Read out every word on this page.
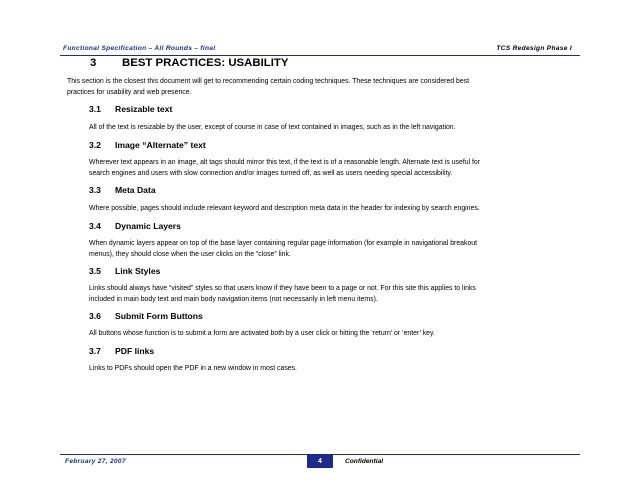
Functional Specification – All Rounds – final	TCS Redesign Phase I
3 BEST PRACTICES: USABILITY
This section is the closest this document will get to recommending certain coding techniques. These techniques are considered best
practices for usability and web presence.
3.1 Resizable text
All of the text is resizable by the user, except of course in case of text contained in images, such as in the left navigation.
3.2 Image “Alternate” text
Wherever text appears in an image, alt tags should mirror this text, if the text is of a reasonable length. Alternate text is useful for
search engines and users with slow connection and/or images turned off, as well as users needing special accessibility.
3.3 Meta Data
Where possible, pages should include relevant keyword and description meta data in the header for indexing by search engines.
3.4 Dynamic Layers
When dynamic layers appear on top of the base layer containing regular page information (for example in navigational breakout
menus), they should close when the user clicks on the “close” link.
3.5 Link Styles
Links should always have “visited” styles so that users know if they have been to a page or not. For this site this applies to links
included in main body text and main body navigation items (not necessarily in left menu items).
3.6 Submit Form Buttons
All buttons whose function is to submit a form are activated both by a user click or hitting the ‘return’ or ‘enter’ key.
3.7 PDF links
Links to PDFs should open the PDF in a new window in most cases.
February 27, 2007	4	Confidential
